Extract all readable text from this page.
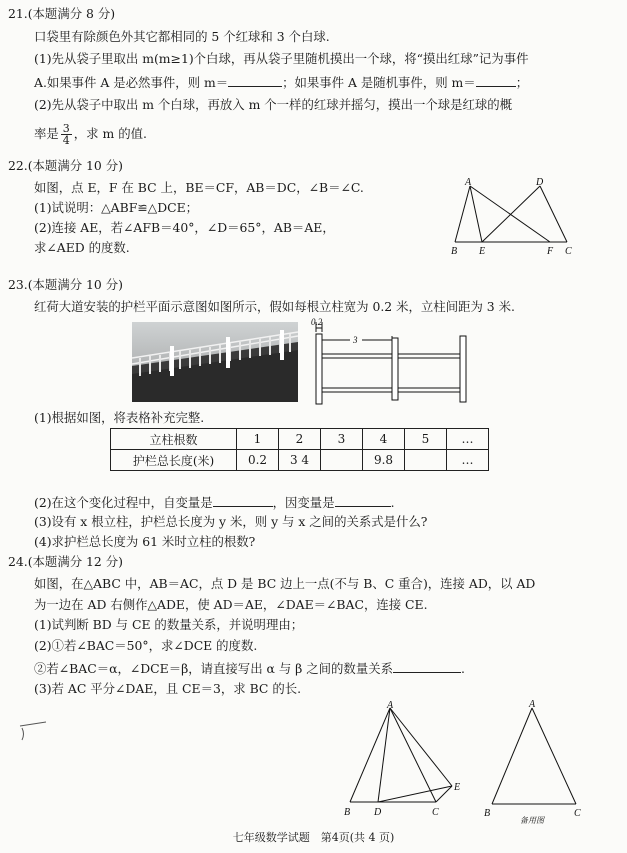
21.(本题满分 8 分)
口袋里有除颜色外其它都相同的 5 个红球和 3 个白球.
(1)先从袋子里取出 m(m≥1)个白球，再从袋子里随机摸出一个球，将“摸出红球”记为事件
A.如果事件 A 是必然事件，则 m＝	；如果事件 A 是随机事件，则 m＝	；
(2)先从袋子中取出 m 个白球，再放入 m 个一样的红球并摇匀，摸出一个球是红球的概
率是 $\frac{3}{4}$ ，求 m 的值.
22.(本题满分 10 分)
如图，点 E，F 在 BC 上，BE＝CF，AB＝DC，∠B＝∠C.
(1)试说明：△ABF≌△DCE；
(2)连接 AE，若∠AFB＝40°，∠D＝65°，AB＝AE，
求∠AED 的度数.
A	D
B E	F C
23.(本题满分 10 分)
红荷大道安装的护栏平面示意图如图所示，假如每根立柱宽为 0.2 米，立柱间距为 3 米.
0.2
3
(1)根据如图，将表格补充完整.
立柱根数	1	2	3	4	5	…
护栏总长度(米)	0.2	3 4		9.8		…
(2)在这个变化过程中，自变量是	，因变量是	.
(3)设有 x 根立柱，护栏总长度为 y 米，则 y 与 x 之间的关系式是什么?
(4)求护栏总长度为 61 米时立柱的根数?
24.(本题满分 12 分)
如图，在△ABC 中，AB＝AC，点 D 是 BC 边上一点(不与 B、C 重合)，连接 AD，以 AD
为一边在 AD 右侧作△ADE，使 AD＝AE，∠DAE＝∠BAC，连接 CE.
(1)试判断 BD 与 CE 的数量关系，并说明理由；
(2)①若∠BAC＝50°，求∠DCE 的度数.
②若∠BAC＝α，∠DCE＝β，请直接写出 α 与 β 之间的数量关系	.
(3)若 AC 平分∠DAE，且 CE＝3，求 BC 的长.
A
B D	C
E
A
B	C
备用图
七年级数学试题　第4页(共 4 页)
